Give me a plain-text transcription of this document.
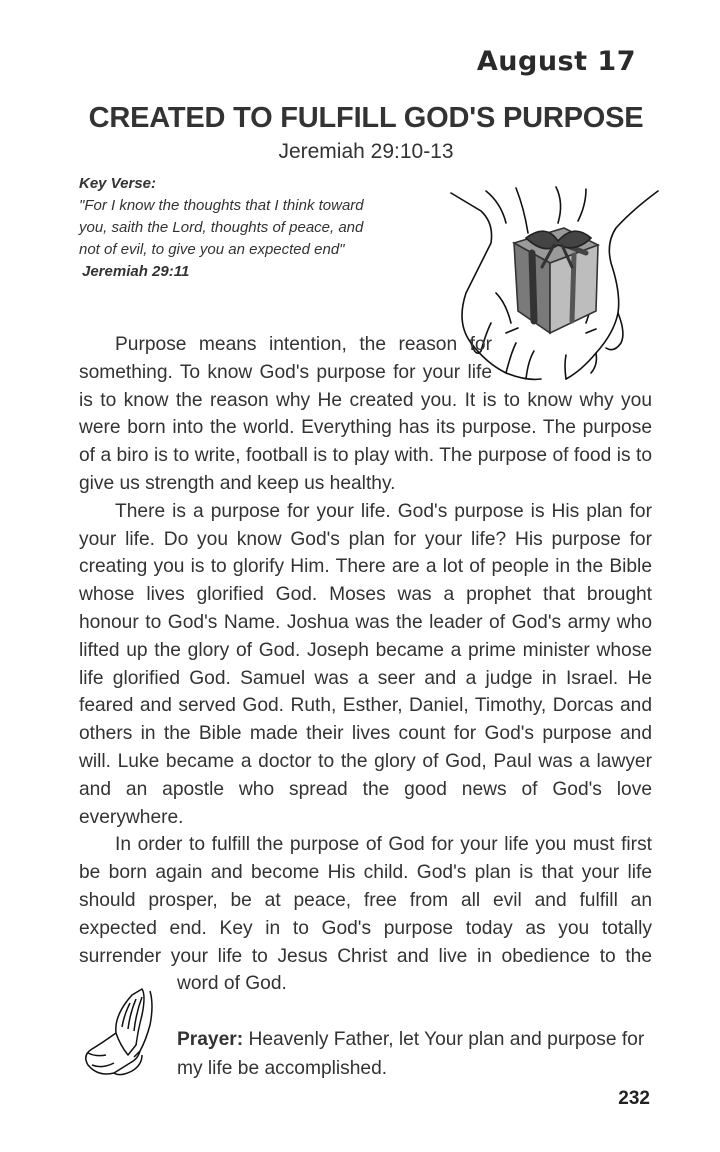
August 17
CREATED TO FULFILL GOD'S PURPOSE
Jeremiah 29:10-13
Key Verse:
"For I know the thoughts that I think toward you, saith the Lord, thoughts of peace, and not of evil, to give you an expected end"
Jeremiah 29:11

Purpose means intention, the reason for something. To know God's purpose for your life is to know the reason why He created you. It is to know why you were born into the world. Everything has its purpose. The purpose of a biro is to write, football is to play with. The purpose of food is to give us strength and keep us healthy.

There is a purpose for your life. God's purpose is His plan for your life. Do you know God's plan for your life? His purpose for creating you is to glorify Him. There are a lot of people in the Bible whose lives glorified God. Moses was a prophet that brought honour to God's Name. Joshua was the leader of God's army who lifted up the glory of God. Joseph became a prime minister whose life glorified God. Samuel was a seer and a judge in Israel. He feared and served God. Ruth, Esther, Daniel, Timothy, Dorcas and others in the Bible made their lives count for God's purpose and will. Luke became a doctor to the glory of God, Paul was a lawyer and an apostle who spread the good news of God's love everywhere.

In order to fulfill the purpose of God for your life you must first be born again and become His child. God's plan is that your life should prosper, be at peace, free from all evil and fulfill an expected end. Key in to God's purpose today as you totally surrender your life to Jesus Christ and live in obedience to the

word of God.
Prayer: Heavenly Father, let Your plan and purpose for my life be accomplished.
232
